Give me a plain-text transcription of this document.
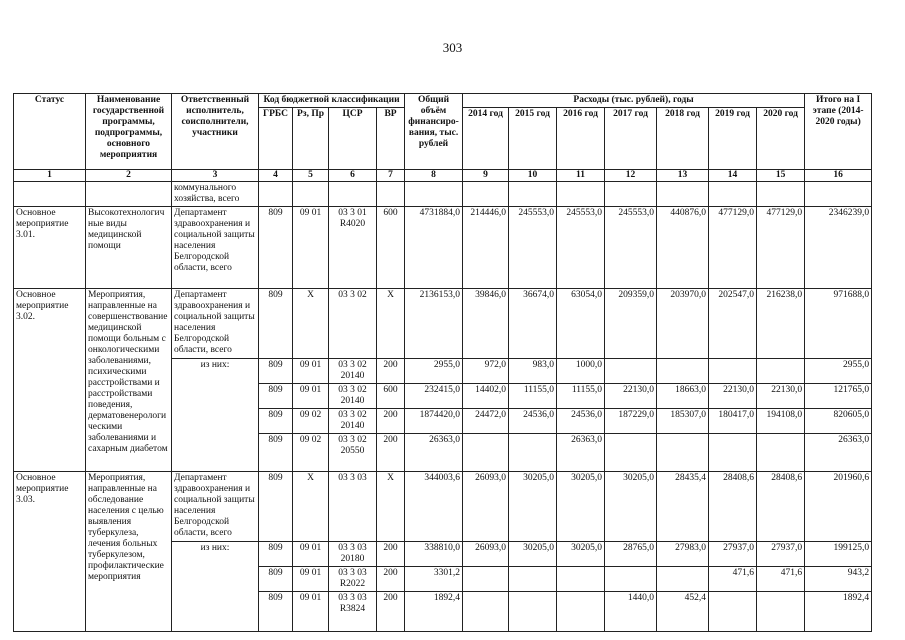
303
Статус	Наименование государственной программы, подпрограммы, основного мероприятия	Ответственный исполнитель, соисполнители, участники	Код бюджетной классификации				Общий объём финансиро-вания, тыс. рублей	Расходы (тыс. рублей), годы							Итого на I этапе (2014-2020 годы)
			ГРБС	Рз, Пр	ЦСР	ВР		2014 год	2015 год	2016 год	2017 год	2018 год	2019 год	2020 год	
1	2	3	4	5	6	7	8	9	10	11	12	13	14	15	16
		коммунального хозяйства, всего													
Основное мероприятие 3.01.	Высокотехнологичные виды медицинской помощи	Департамент здравоохранения и социальной защиты населения Белгородской области, всего	809	09 01	03 3 01 R4020	600	4731884,0	214446,0	245553,0	245553,0	245553,0	440876,0	477129,0	477129,0	2346239,0
Основное мероприятие 3.02.	Мероприятия, направленные на совершенствование медицинской помощи больным с онкологическими заболеваниями, психическими расстройствами и расстройствами поведения, дерматовенерологическими заболеваниями и сахарным диабетом	Департамент здравоохранения и социальной защиты населения Белгородской области, всего	809	Х	03 3 02	Х	2136153,0	39846,0	36674,0	63054,0	209359,0	203970,0	202547,0	216238,0	971688,0
		из них:	809	09 01	03 3 02 20140	200	2955,0	972,0	983,0	1000,0					2955,0
			809	09 01	03 3 02 20140	600	232415,0	14402,0	11155,0	11155,0	22130,0	18663,0	22130,0	22130,0	121765,0
			809	09 02	03 3 02 20140	200	1874420,0	24472,0	24536,0	24536,0	187229,0	185307,0	180417,0	194108,0	820605,0
			809	09 02	03 3 02 20550	200	26363,0			26363,0					26363,0
Основное мероприятие 3.03.	Мероприятия, направленные на обследование населения с целью выявления туберкулеза, лечения больных туберкулезом, профилактические мероприятия	Департамент здравоохранения и социальной защиты населения Белгородской области, всего	809	Х	03 3 03	Х	344003,6	26093,0	30205,0	30205,0	30205,0	28435,4	28408,6	28408,6	201960,6
		из них:	809	09 01	03 3 03 20180	200	338810,0	26093,0	30205,0	30205,0	28765,0	27983,0	27937,0	27937,0	199125,0
			809	09 01	03 3 03 R2022	200	3301,2						471,6	471,6	943,2
			809	09 01	03 3 03 R3824	200	1892,4				1440,0	452,4			1892,4
